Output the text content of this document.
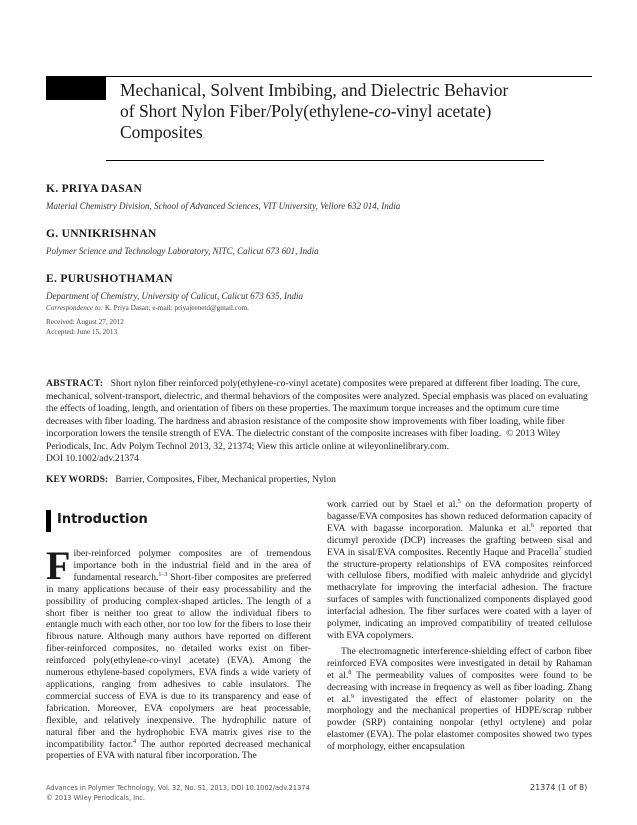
Mechanical, Solvent Imbibing, and Dielectric Behavior
of Short Nylon Fiber/Poly(ethylene-co-vinyl acetate)
Composites
K. PRIYA DASAN
Material Chemistry Division, School of Advanced Sciences, VIT University, Vellore 632 014, India
G. UNNIKRISHNAN
Polymer Science and Technology Laboratory, NITC, Calicut 673 601, India
E. PURUSHOTHAMAN
Department of Chemistry, University of Calicut, Calicut 673 635, India
Correspondence to: K. Priya Dasan; e-mail: priyajeenetd@gmail.com.
Received: August 27, 2012
Accepted: June 15, 2013
ABSTRACT: Short nylon fiber reinforced poly(ethylene-co-vinyl acetate) composites were prepared at different fiber loading. The cure, mechanical, solvent-transport, dielectric, and thermal behaviors of the composites were analyzed. Special emphasis was placed on evaluating the effects of loading, length, and orientation of fibers on these properties. The maximum torque increases and the optimum cure time decreases with fiber loading. The hardness and abrasion resistance of the composite show improvements with fiber loading, while fiber incorporation lowers the tensile strength of EVA. The dielectric constant of the composite increases with fiber loading. © 2013 Wiley Periodicals, Inc. Adv Polym Technol 2013, 32, 21374; View this article online at wileyonlinelibrary.com.
DOI 10.1002/adv.21374
KEY WORDS: Barrier, Composites, Fiber, Mechanical properties, Nylon
Introduction

Fiber-reinforced polymer composites are of tremendous importance both in the industrial field and in the area of fundamental research.$^{1-3}$ Short-fiber composites are preferred in many applications because of their easy processability and the possibility of producing complex-shaped articles. The length of a short fiber is neither too great to allow the individual fibers to entangle much with each other, nor too low for the fibers to lose their fibrous nature. Although many authors have reported on different fiber-reinforced composites, no detailed works exist on fiber-reinforced poly(ethylene-co-vinyl acetate) (EVA). Among the numerous ethylene-based copolymers, EVA finds a wide variety of applications, ranging from adhesives to cable insulators. The commercial success of EVA is due to its transparency and ease of fabrication. Moreover, EVA copolymers are heat processable, flexible, and relatively inexpensive. The hydrophilic nature of natural fiber and the hydrophobic EVA matrix gives rise to the incompatibility factor.$^4$ The author reported decreased mechanical properties of EVA with natural fiber incorporation. The

work carried out by Stael et al.$^5$ on the deformation property of bagasse/EVA composites has shown reduced deformation capacity of EVA with bagasse incorporation. Malunka et al.$^6$ reported that dicumyl peroxide (DCP) increases the grafting between sisal and EVA in sisal/EVA composites. Recently Haque and Pracella$^7$ studied the structure-property relationships of EVA composites reinforced with cellulose fibers, modified with maleic anhydride and glycidyl methacrylate for improving the interfacial adhesion. The fracture surfaces of samples with functionalized components displayed good interfacial adhesion. The fiber surfaces were coated with a layer of polymer, indicating an improved compatibility of treated cellulose with EVA copolymers.

The electromagnetic interference-shielding effect of carbon fiber reinforced EVA composites were investigated in detail by Rahaman et al.$^8$ The permeability values of composites were found to be decreasing with increase in frequency as well as fiber loading. Zhang et al.$^9$ investigated the effect of elastomer polarity on the morphology and the mechanical properties of HDPE/scrap rubber powder (SRP) containing nonpolar (ethyl octylene) and polar elastomer (EVA). The polar elastomer composites showed two types of morphology, either encapsulation

Advances in Polymer Technology, Vol. 32, No. S1, 2013, DOI 10.1002/adv.21374
© 2013 Wiley Periodicals, Inc.
21374 (1 of 8)
